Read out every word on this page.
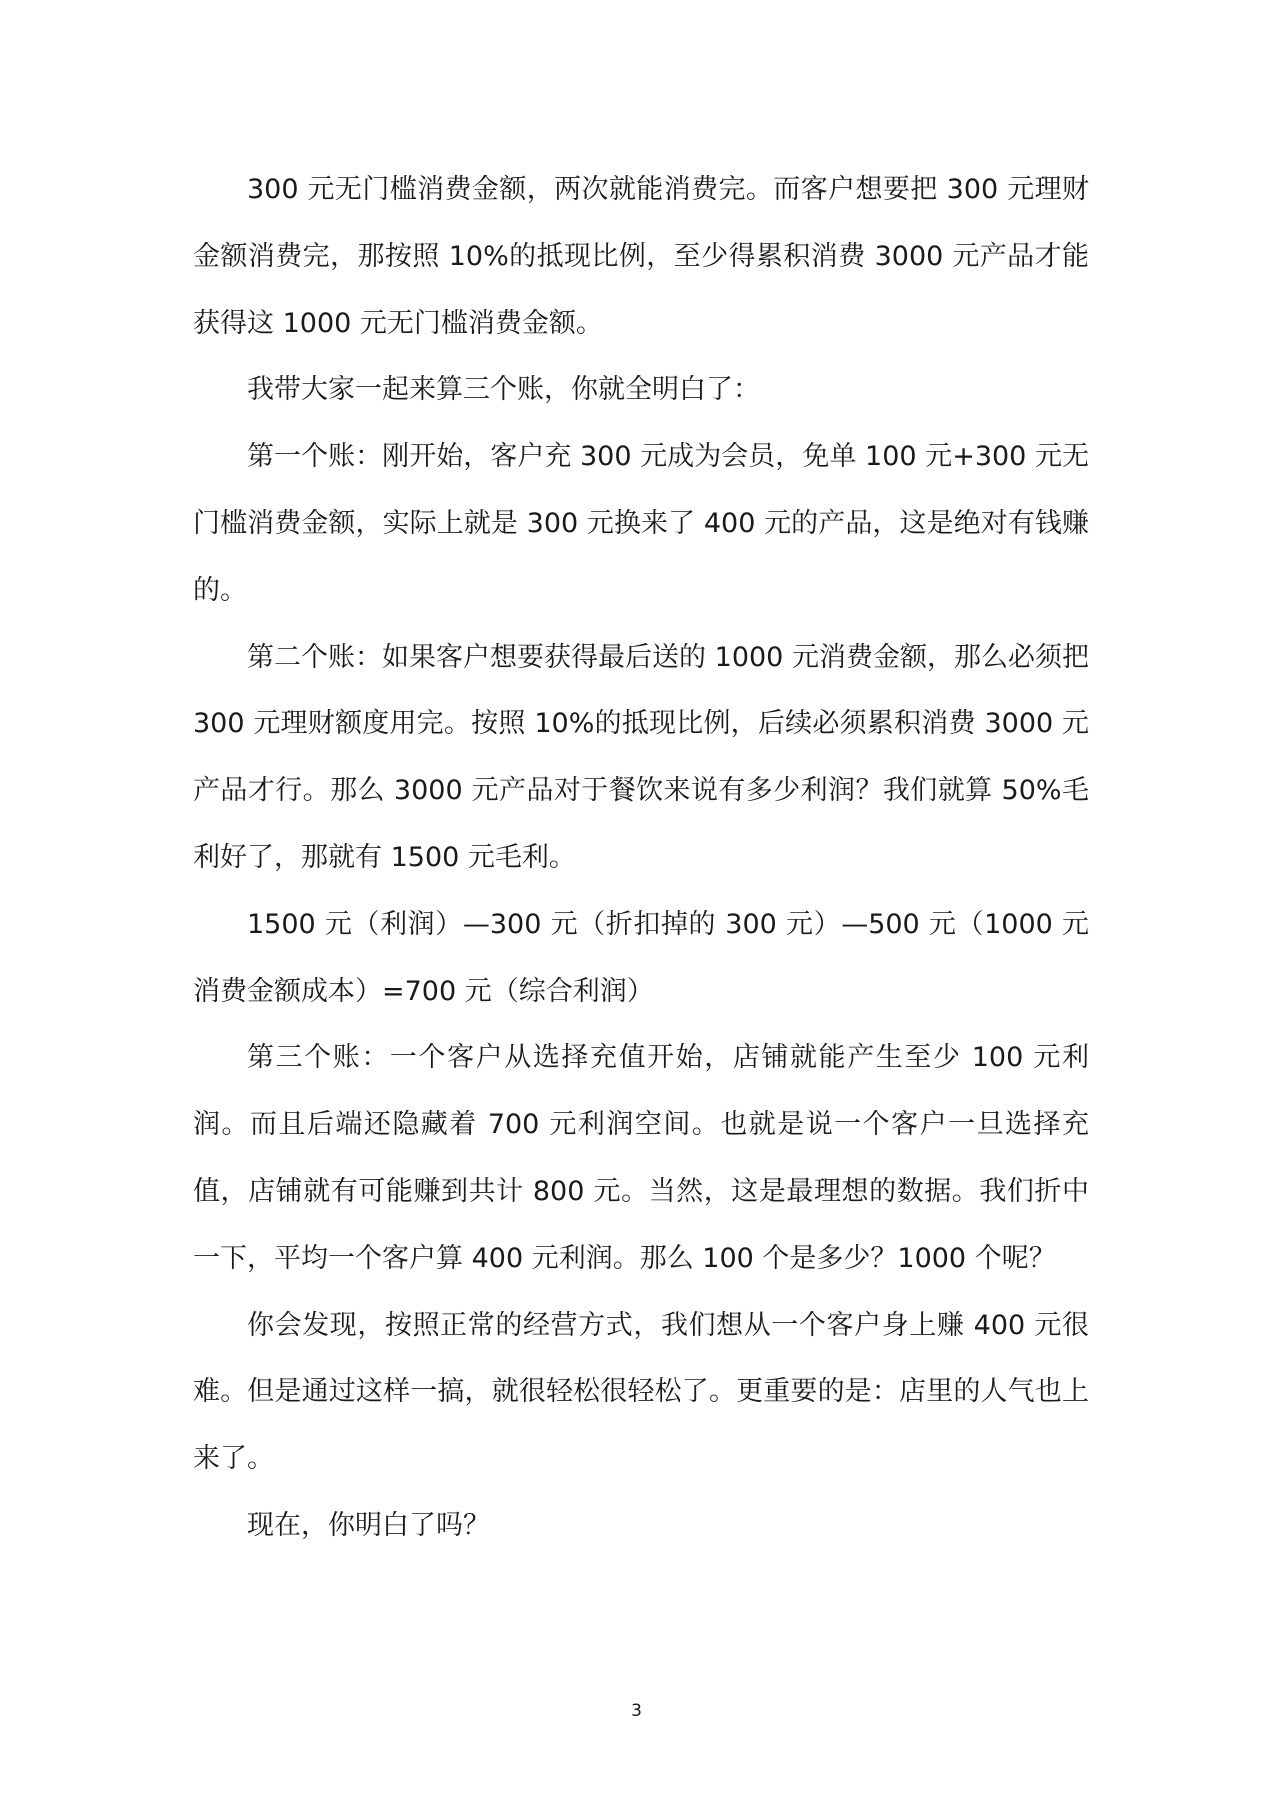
300 元无门槛消费金额，两次就能消费完。而客户想要把 300 元理财金额消费完，那按照 10%的抵现比例，至少得累积消费 3000 元产品才能获得这 1000 元无门槛消费金额。

我带大家一起来算三个账，你就全明白了：

第一个账：刚开始，客户充 300 元成为会员，免单 100 元+300 元无门槛消费金额，实际上就是 300 元换来了 400 元的产品，这是绝对有钱赚的。

第二个账：如果客户想要获得最后送的 1000 元消费金额，那么必须把 300 元理财额度用完。按照 10%的抵现比例，后续必须累积消费 3000 元产品才行。那么 3000 元产品对于餐饮来说有多少利润？我们就算 50%毛利好了，那就有 1500 元毛利。

1500 元（利润）—300 元（折扣掉的 300 元）—500 元（1000 元消费金额成本）=700 元（综合利润）

第三个账：一个客户从选择充值开始，店铺就能产生至少 100 元利润。而且后端还隐藏着 700 元利润空间。也就是说一个客户一旦选择充值，店铺就有可能赚到共计 800 元。当然，这是最理想的数据。我们折中一下，平均一个客户算 400 元利润。那么 100 个是多少？1000 个呢？

你会发现，按照正常的经营方式，我们想从一个客户身上赚 400 元很难。但是通过这样一搞，就很轻松很轻松了。更重要的是：店里的人气也上来了。

现在，你明白了吗？

3
